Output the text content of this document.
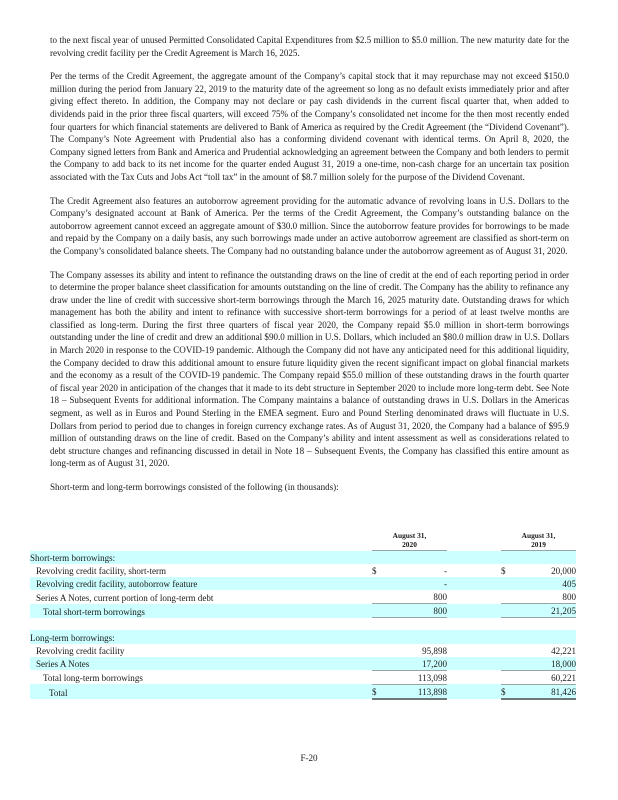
to the next fiscal year of unused Permitted Consolidated Capital Expenditures from $2.5 million to $5.0 million. The new maturity date for the revolving credit facility per the Credit Agreement is March 16, 2025.

Per the terms of the Credit Agreement, the aggregate amount of the Company’s capital stock that it may repurchase may not exceed $150.0 million during the period from January 22, 2019 to the maturity date of the agreement so long as no default exists immediately prior and after giving effect thereto. In addition, the Company may not declare or pay cash dividends in the current fiscal quarter that, when added to dividends paid in the prior three fiscal quarters, will exceed 75% of the Company’s consolidated net income for the then most recently ended four quarters for which financial statements are delivered to Bank of America as required by the Credit Agreement (the “Dividend Covenant”). The Company’s Note Agreement with Prudential also has a conforming dividend covenant with identical terms. On April 8, 2020, the Company signed letters from Bank and America and Prudential acknowledging an agreement between the Company and both lenders to permit the Company to add back to its net income for the quarter ended August 31, 2019 a one-time, non-cash charge for an uncertain tax position associated with the Tax Cuts and Jobs Act “toll tax” in the amount of $8.7 million solely for the purpose of the Dividend Covenant.

The Credit Agreement also features an autoborrow agreement providing for the automatic advance of revolving loans in U.S. Dollars to the Company’s designated account at Bank of America. Per the terms of the Credit Agreement, the Company’s outstanding balance on the autoborrow agreement cannot exceed an aggregate amount of $30.0 million. Since the autoborrow feature provides for borrowings to be made and repaid by the Company on a daily basis, any such borrowings made under an active autoborrow agreement are classified as short-term on the Company’s consolidated balance sheets. The Company had no outstanding balance under the autoborrow agreement as of August 31, 2020.

The Company assesses its ability and intent to refinance the outstanding draws on the line of credit at the end of each reporting period in order to determine the proper balance sheet classification for amounts outstanding on the line of credit. The Company has the ability to refinance any draw under the line of credit with successive short-term borrowings through the March 16, 2025 maturity date. Outstanding draws for which management has both the ability and intent to refinance with successive short-term borrowings for a period of at least twelve months are classified as long-term. During the first three quarters of fiscal year 2020, the Company repaid $5.0 million in short-term borrowings outstanding under the line of credit and drew an additional $90.0 million in U.S. Dollars, which included an $80.0 million draw in U.S. Dollars in March 2020 in response to the COVID-19 pandemic. Although the Company did not have any anticipated need for this additional liquidity, the Company decided to draw this additional amount to ensure future liquidity given the recent significant impact on global financial markets and the economy as a result of the COVID-19 pandemic. The Company repaid $55.0 million of these outstanding draws in the fourth quarter of fiscal year 2020 in anticipation of the changes that it made to its debt structure in September 2020 to include more long-term debt. See Note 18 – Subsequent Events for additional information. The Company maintains a balance of outstanding draws in U.S. Dollars in the Americas segment, as well as in Euros and Pound Sterling in the EMEA segment. Euro and Pound Sterling denominated draws will fluctuate in U.S. Dollars from period to period due to changes in foreign currency exchange rates. As of August 31, 2020, the Company had a balance of $95.9 million of outstanding draws on the line of credit. Based on the Company’s ability and intent assessment as well as considerations related to debt structure changes and refinancing discussed in detail in Note 18 – Subsequent Events, the Company has classified this entire amount as long-term as of August 31, 2020.

Short-term and long-term borrowings consisted of the following (in thousands):

		August 31,
2020			August 31,
2019	
Short-term borrowings:						
Revolving credit facility, short-term		$	-		$	20,000
Revolving credit facility, autoborrow feature			-			405
Series A Notes, current portion of long-term debt			800			800
Total short-term borrowings			800			21,205

Long-term borrowings:						
Revolving credit facility			95,898			42,221
Series A Notes			17,200			18,000
Total long-term borrowings			113,098			60,221
Total		$	113,898		$	81,426
F-20
